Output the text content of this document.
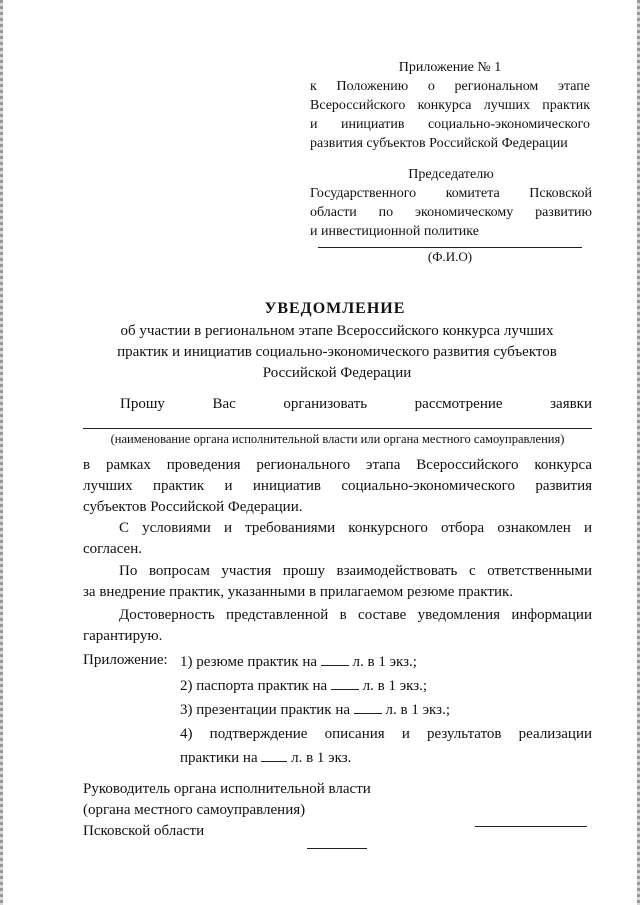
Приложение № 1
к Положению о региональном этапе
Всероссийского конкурса лучших практик
и инициатив социально-экономического
развития субъектов Российской Федерации
Председателю
Государственного комитета Псковской
области по экономическому развитию
и инвестиционной политике
(Ф.И.О)
УВЕДОМЛЕНИЕ
об участии в региональном этапе Всероссийского конкурса лучших
практик и инициатив социально-экономического развития субъектов
Российской Федерации
Прошу Вас организовать рассмотрение заявки
(наименование органа исполнительной власти или органа местного самоуправления)
в рамках проведения регионального этапа Всероссийского конкурса
лучших практик и инициатив социально-экономического развития
субъектов Российской Федерации.
С условиями и требованиями конкурсного отбора ознакомлен и
согласен.
По вопросам участия прошу взаимодействовать с ответственными
за внедрение практик, указанными в прилагаемом резюме практик.
Достоверность представленной в составе уведомления информации
гарантирую.
Приложение: 1) резюме практик на  л. в 1 экз.;
2) паспорта практик на  л. в 1 экз.;
3) презентации практик на  л. в 1 экз.;
4) подтверждение описания и результатов реализации
практики на  л. в 1 экз.
Руководитель органа исполнительной власти
(органа местного самоуправления)
Псковской области
